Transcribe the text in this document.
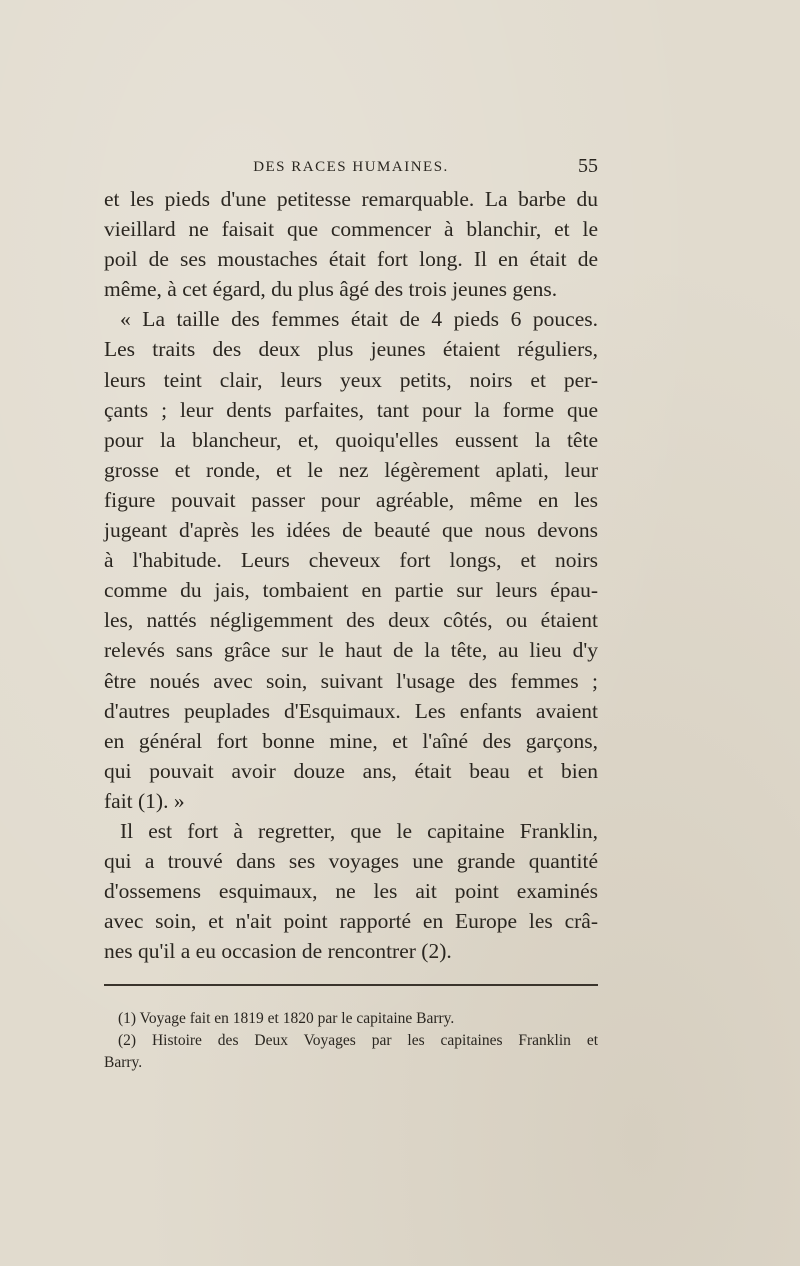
DES RACES HUMAINES.	55
et les pieds d'une petitesse remarquable. La barbe du
vieillard ne faisait que commencer à blanchir, et le
poil de ses moustaches était fort long. Il en était de
même, à cet égard, du plus âgé des trois jeunes gens.
« La taille des femmes était de 4 pieds 6 pouces.
Les traits des deux plus jeunes étaient réguliers,
leurs teint clair, leurs yeux petits, noirs et per-
çants ; leur dents parfaites, tant pour la forme que
pour la blancheur, et, quoiqu'elles eussent la tête
grosse et ronde, et le nez légèrement aplati, leur
figure pouvait passer pour agréable, même en les
jugeant d'après les idées de beauté que nous devons
à l'habitude. Leurs cheveux fort longs, et noirs
comme du jais, tombaient en partie sur leurs épau-
les, nattés négligemment des deux côtés, ou étaient
relevés sans grâce sur le haut de la tête, au lieu d'y
être noués avec soin, suivant l'usage des femmes ;
d'autres peuplades d'Esquimaux. Les enfants avaient
en général fort bonne mine, et l'aîné des garçons,
qui pouvait avoir douze ans, était beau et bien
fait (1). »
Il est fort à regretter, que le capitaine Franklin,
qui a trouvé dans ses voyages une grande quantité
d'ossemens esquimaux, ne les ait point examinés
avec soin, et n'ait point rapporté en Europe les crâ-
nes qu'il a eu occasion de rencontrer (2).
(1) Voyage fait en 1819 et 1820 par le capitaine Barry.
(2) Histoire des Deux Voyages par les capitaines Franklin et
Barry.
